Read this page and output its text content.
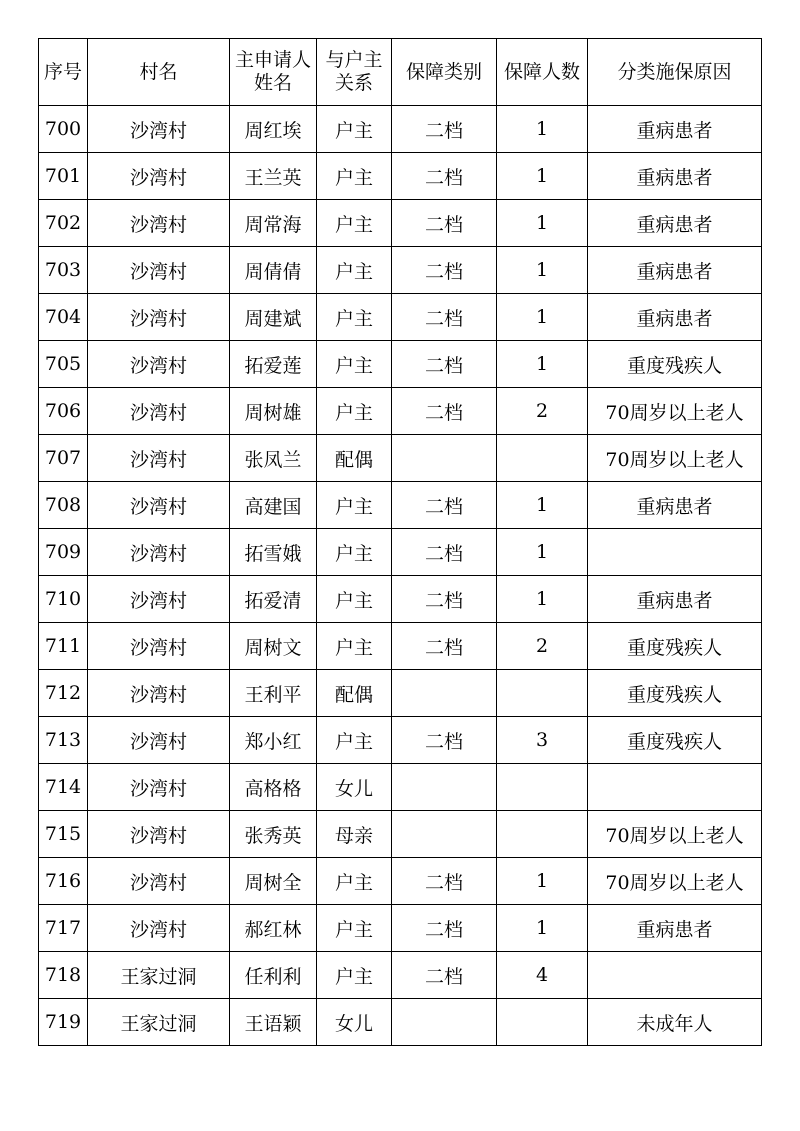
序号	村名	主申请人姓名	与户主关系	保障类别	保障人数	分类施保原因
700	沙湾村	周红埃	户主	二档	1	重病患者
701	沙湾村	王兰英	户主	二档	1	重病患者
702	沙湾村	周常海	户主	二档	1	重病患者
703	沙湾村	周倩倩	户主	二档	1	重病患者
704	沙湾村	周建斌	户主	二档	1	重病患者
705	沙湾村	拓爱莲	户主	二档	1	重度残疾人
706	沙湾村	周树雄	户主	二档	2	70周岁以上老人
707	沙湾村	张凤兰	配偶			70周岁以上老人
708	沙湾村	高建国	户主	二档	1	重病患者
709	沙湾村	拓雪娥	户主	二档	1	
710	沙湾村	拓爱清	户主	二档	1	重病患者
711	沙湾村	周树文	户主	二档	2	重度残疾人
712	沙湾村	王利平	配偶			重度残疾人
713	沙湾村	郑小红	户主	二档	3	重度残疾人
714	沙湾村	高格格	女儿			
715	沙湾村	张秀英	母亲			70周岁以上老人
716	沙湾村	周树全	户主	二档	1	70周岁以上老人
717	沙湾村	郝红林	户主	二档	1	重病患者
718	王家过洞	任利利	户主	二档	4	
719	王家过洞	王语颖	女儿			未成年人
